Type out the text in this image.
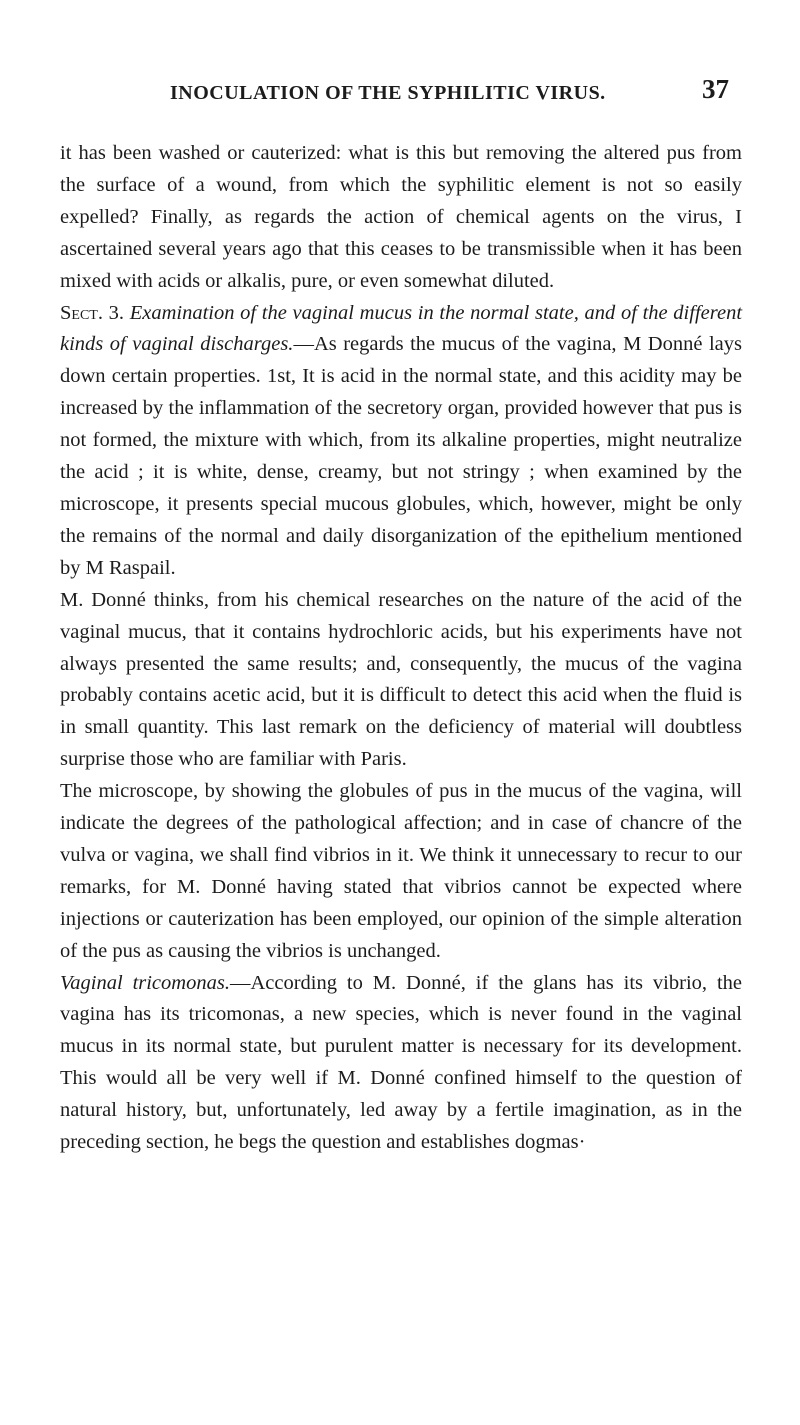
INOCULATION OF THE SYPHILITIC VIRUS.	37

it has been washed or cauterized: what is this but removing the altered pus from the surface of a wound, from which the syphilitic element is not so easily expelled? Finally, as regards the action of chemical agents on the virus, I ascertained several years ago that this ceases to be transmissible when it has been mixed with acids or alkalis, pure, or even somewhat diluted.

Sect. 3. Examination of the vaginal mucus in the normal state, and of the different kinds of vaginal discharges.—As regards the mucus of the vagina, M Donné lays down certain properties. 1st, It is acid in the normal state, and this acidity may be increased by the inflammation of the secretory organ, provided however that pus is not formed, the mixture with which, from its alkaline properties, might neutralize the acid ; it is white, dense, creamy, but not stringy ; when examined by the microscope, it presents special mucous globules, which, however, might be only the remains of the normal and daily disorganization of the epithelium mentioned by M Raspail.

M. Donné thinks, from his chemical researches on the nature of the acid of the vaginal mucus, that it contains hydrochloric acids, but his experiments have not always presented the same results; and, consequently, the mucus of the vagina probably contains acetic acid, but it is difficult to detect this acid when the fluid is in small quantity. This last remark on the deficiency of material will doubtless surprise those who are familiar with Paris.

The microscope, by showing the globules of pus in the mucus of the vagina, will indicate the degrees of the pathological affection; and in case of chancre of the vulva or vagina, we shall find vibrios in it. We think it unnecessary to recur to our remarks, for M. Donné having stated that vibrios cannot be expected where injections or cauterization has been employed, our opinion of the simple alteration of the pus as causing the vibrios is unchanged.

Vaginal tricomonas.—According to M. Donné, if the glans has its vibrio, the vagina has its tricomonas, a new species, which is never found in the vaginal mucus in its normal state, but purulent matter is necessary for its development. This would all be very well if M. Donné confined himself to the question of natural history, but, unfortunately, led away by a fertile imagination, as in the preceding section, he begs the question and establishes dogmas·
